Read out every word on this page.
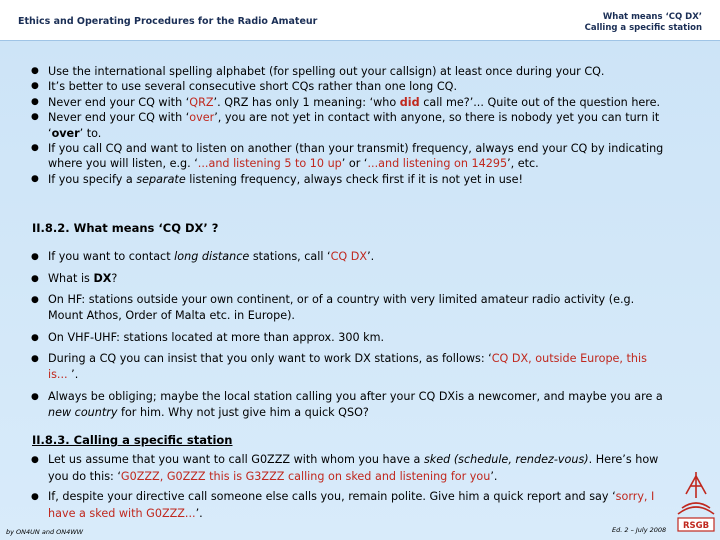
Ethics and Operating Procedures for the Radio Amateur	What means ‘CQ DX’
Calling a specific station
● Use the international spelling alphabet (for spelling out your callsign) at least once during your CQ.
● It’s better to use several consecutive short CQs rather than one long CQ.
● Never end your CQ with ‘QRZ’. QRZ has only 1 meaning: ‘who did call me?’... Quite out of the question here.
● Never end your CQ with ‘over’, you are not yet in contact with anyone, so there is nobody yet you can turn it ‘over’ to.
● If you call CQ and want to listen on another (than your transmit) frequency, always end your CQ by indicating where you will listen, e.g. ‘...and listening 5 to 10 up’ or ‘...and listening on 14295’, etc.
● If you specify a separate listening frequency, always check first if it is not yet in use!
II.8.2. What means ‘CQ DX’ ?
● If you want to contact long distance stations, call ‘CQ DX’.
● What is DX?
● On HF: stations outside your own continent, or of a country with very limited amateur radio activity (e.g. Mount Athos, Order of Malta etc. in Europe).
● On VHF-UHF: stations located at more than approx. 300 km.
● During a CQ you can insist that you only want to work DX stations, as follows: ‘CQ DX, outside Europe, this is... ’.
● Always be obliging; maybe the local station calling you after your CQ DXis a newcomer, and maybe you are a new country for him. Why not just give him a quick QSO?
II.8.3. Calling a specific station
● Let us assume that you want to call G0ZZZ with whom you have a sked (schedule, rendez-vous). Here’s how you do this: ‘G0ZZZ, G0ZZZ this is G3ZZZ calling on sked and listening for you’.
● If, despite your directive call someone else calls you, remain polite. Give him a quick report and say ‘sorry, I have a sked with G0ZZZ...’.
by ON4UN and ON4WW	Ed. 2 – July 2008 RSGB
